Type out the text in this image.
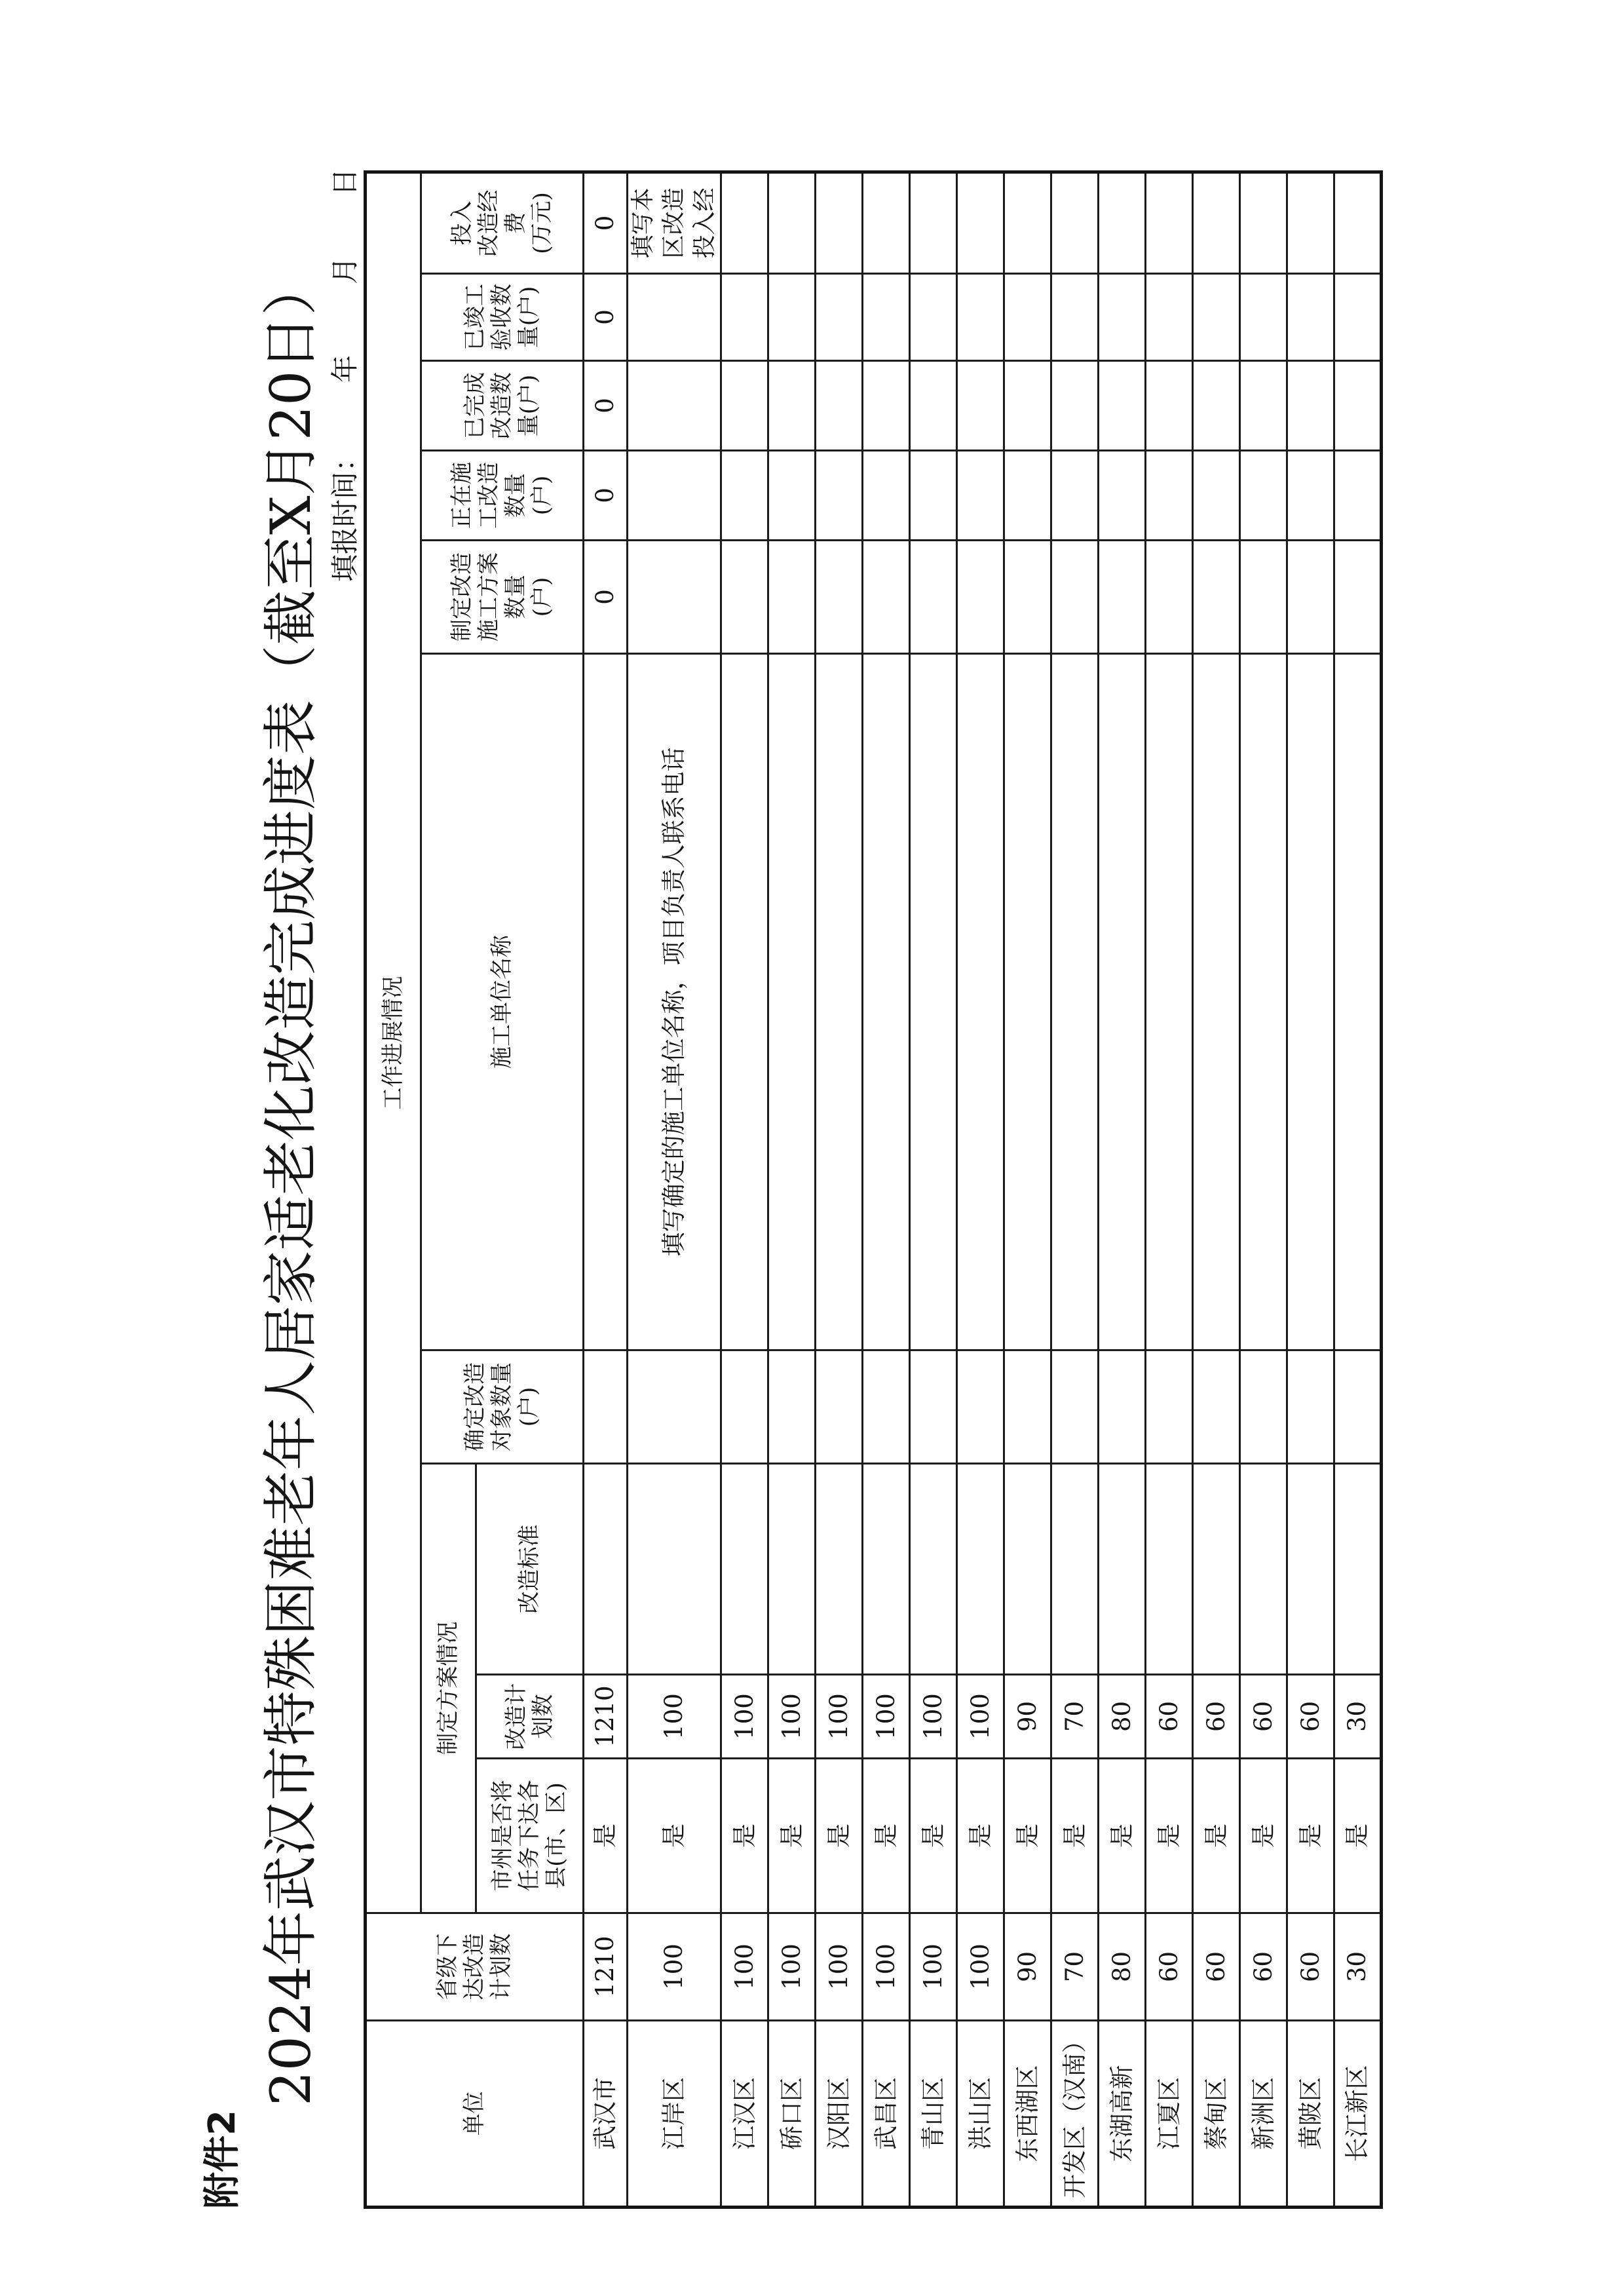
附件2
2024年武汉市特殊困难老年人居家适老化改造完成进度表（截至X月20日） 填报时间：
年
月
日
单位	省级下 达改造 计划数	工作进展情况									
		制定方案情况			确定改造 对象数量 (户)	施工单位名称	制定改造 施工方案 数量 (户)	正在施 工改造 数量 (户)	已完成 改造数 量(户)	已竣工 验收数 量(户)	投入 改造经 费 (万元)

		市州是否将 任务下达各 县(市、区)	改造计 划数	改造标准							
武汉市	1210	是	1210				0	0	0	0	0
江岸区	100	是	100			填写确定的施工单位名称，项目负责人联系电话					填写本区改造投入经

江汉区	100	是	100								
硚口区	100	是	100								
汉阳区	100	是	100								
武昌区	100	是	100								
青山区	100	是	100								
洪山区	100	是	100								
东西湖区	90	是	90								
开发区（汉南）	70	是	70								
东湖高新	80	是	80								
江夏区	60	是	60								
蔡甸区	60	是	60								
新洲区	60	是	60								
黄陂区	60	是	60								
长江新区	30	是	30								
